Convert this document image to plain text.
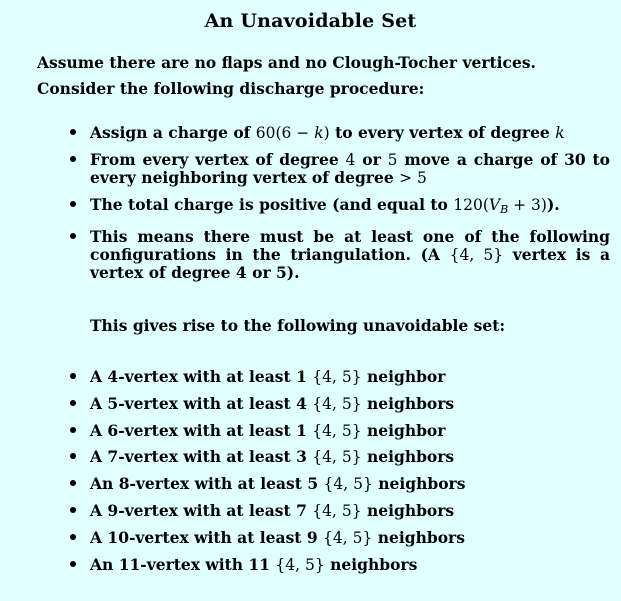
An Unavoidable Set

Assume there are no flaps and no Clough-Tocher vertices.

Consider the following discharge procedure:

Assign a charge of 60(6 − k) to every vertex of degree k
From every vertex of degree 4 or 5 move a charge of 30 to every neighboring vertex of degree > 5
The total charge is positive (and equal to $120(V_B + 3)$).
This means there must be at least one of the following configurations in the triangulation. (A {4, 5} vertex is a vertex of degree 4 or 5).
This gives rise to the following unavoidable set:
A 4-vertex with at least 1 {4, 5} neighbor
A 5-vertex with at least 4 {4, 5} neighbors
A 6-vertex with at least 1 {4, 5} neighbor
A 7-vertex with at least 3 {4, 5} neighbors
An 8-vertex with at least 5 {4, 5} neighbors
A 9-vertex with at least 7 {4, 5} neighbors
A 10-vertex with at least 9 {4, 5} neighbors
An 11-vertex with 11 {4, 5} neighbors
